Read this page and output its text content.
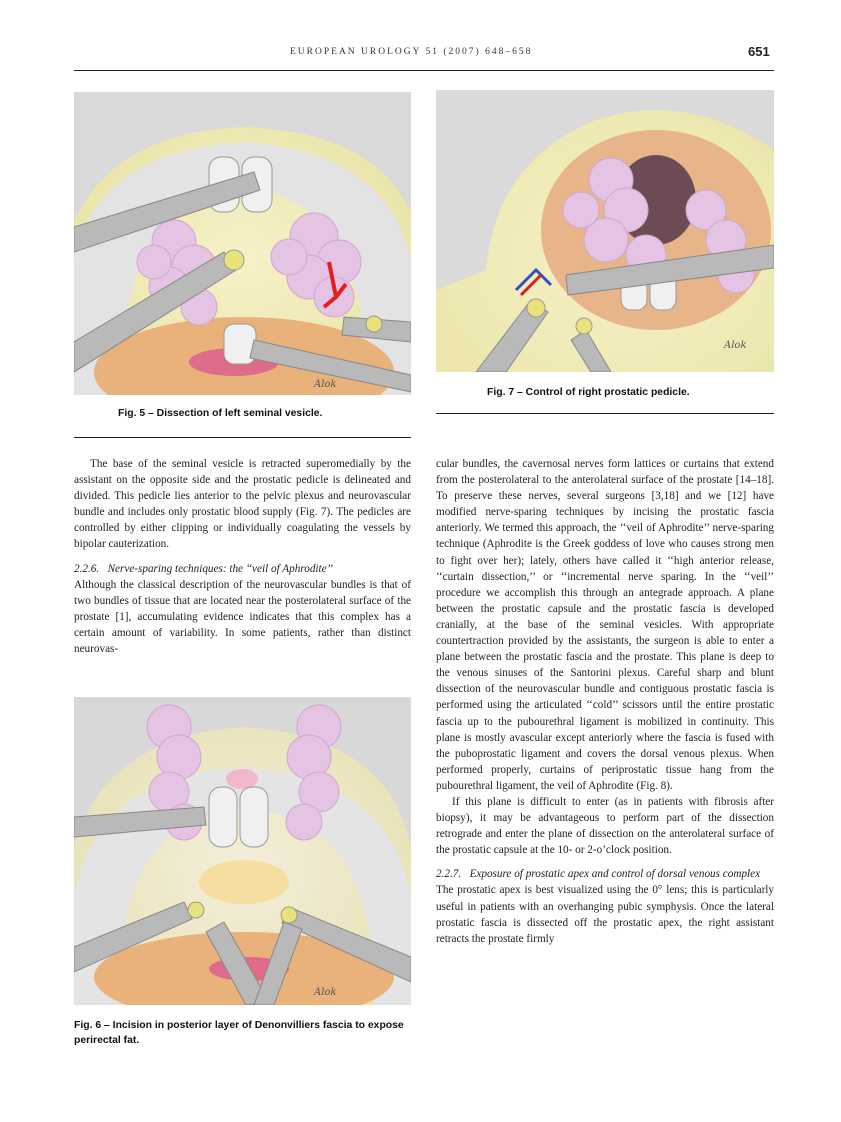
EUROPEAN UROLOGY 51 (2007) 648–658	651
Alok
Fig. 5 – Dissection of left seminal vesicle.
Alok
Fig. 7 – Control of right prostatic pedicle.
Alok
Fig. 6 – Incision in posterior layer of Denonvilliers fascia to expose perirectal fat.

The base of the seminal vesicle is retracted superomedially by the assistant on the opposite side and the prostatic pedicle is delineated and divided. This pedicle lies anterior to the pelvic plexus and neurovascular bundle and includes only prostatic blood supply (Fig. 7). The pedicles are controlled by either clipping or individually coagulating the vessels by bipolar cauterization.

2.2.6. Nerve-sparing techniques: the ‘‘veil of Aphrodite’’

Although the classical description of the neurovascular bundles is that of two bundles of tissue that are located near the posterolateral surface of the prostate [1], accumulating evidence indicates that this complex has a certain amount of variability. In some patients, rather than distinct neurovas-

cular bundles, the cavernosal nerves form lattices or curtains that extend from the posterolateral to the anterolateral surface of the prostate [14–18]. To preserve these nerves, several surgeons [3,18] and we [12] have modified nerve-sparing techniques by incising the prostatic fascia anteriorly. We termed this approach, the ‘‘veil of Aphrodite’’ nerve-sparing technique (Aphrodite is the Greek goddess of love who causes strong men to fight over her); lately, others have called it ‘‘high anterior release, ‘‘curtain dissection,’’ or ‘‘incremental nerve sparing. In the ‘‘veil’’ procedure we accomplish this through an antegrade approach. A plane between the prostatic capsule and the prostatic fascia is developed cranially, at the base of the seminal vesicles. With appropriate countertraction provided by the assistants, the surgeon is able to enter a plane between the prostatic fascia and the prostate. This plane is deep to the venous sinuses of the Santorini plexus. Careful sharp and blunt dissection of the neurovascular bundle and contiguous prostatic fascia is performed using the articulated ‘‘cold’’ scissors until the entire prostatic fascia up to the pubourethral ligament is mobilized in continuity. This plane is mostly avascular except anteriorly where the fascia is fused with the puboprostatic ligament and covers the dorsal venous plexus. When performed properly, curtains of periprostatic tissue hang from the pubourethral ligament, the veil of Aphrodite (Fig. 8).

If this plane is difficult to enter (as in patients with fibrosis after biopsy), it may be advantageous to perform part of the dissection retrograde and enter the plane of dissection on the anterolateral surface of the prostatic capsule at the 10- or 2-o’clock position.

2.2.7. Exposure of prostatic apex and control of dorsal venous complex

The prostatic apex is best visualized using the 0° lens; this is particularly useful in patients with an overhanging pubic symphysis. Once the lateral prostatic fascia is dissected off the prostatic apex, the right assistant retracts the prostate firmly
